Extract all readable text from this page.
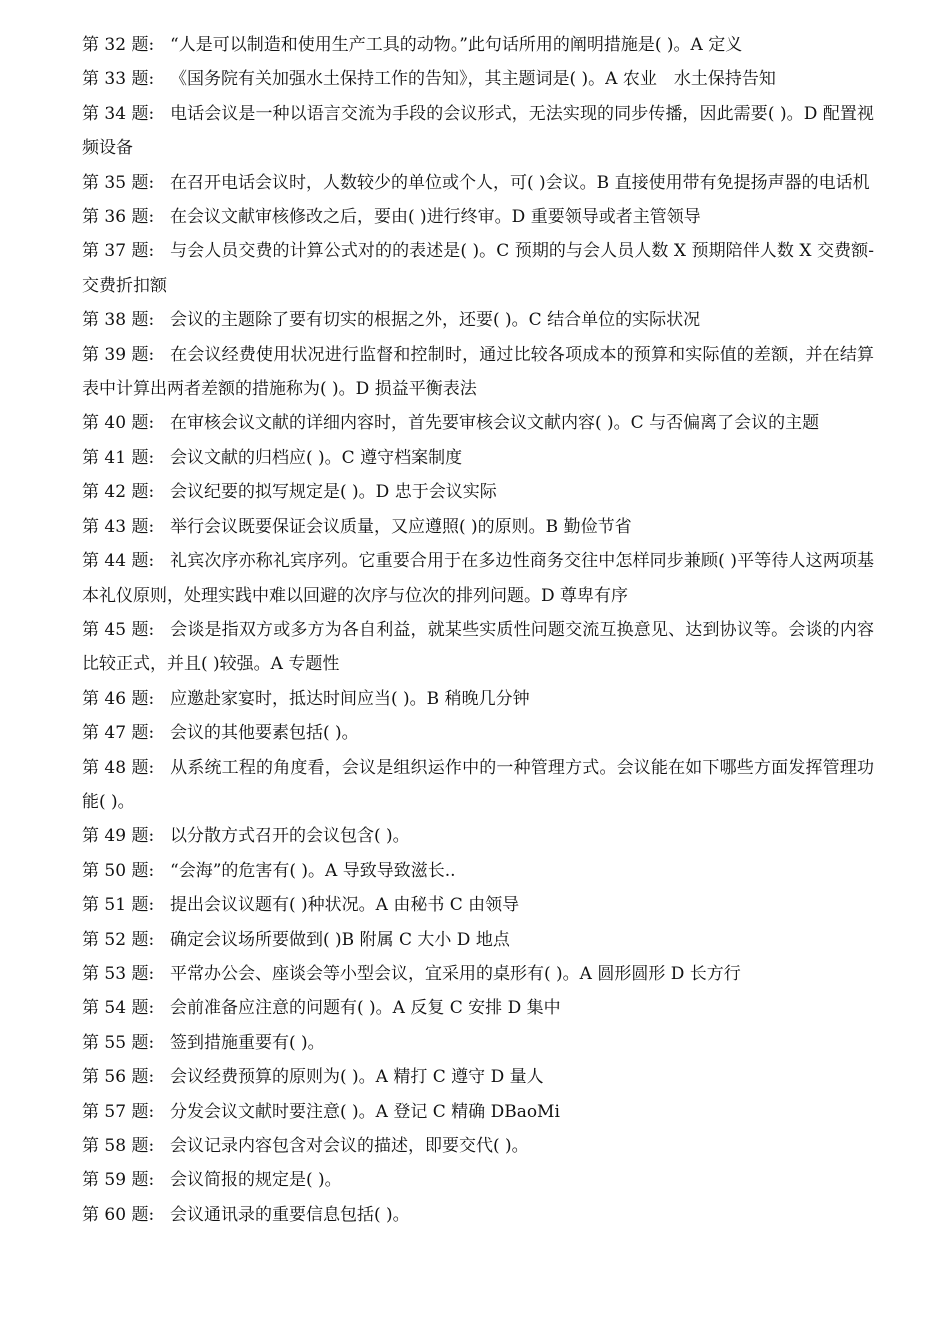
第 32 题: “人是可以制造和使用生产工具的动物。”此句话所用的阐明措施是( )。A 定义

第 33 题: 《国务院有关加强水土保持工作的告知》，其主题词是( )。A 农业　水土保持告知

第 34 题: 电话会议是一种以语言交流为手段的会议形式，无法实现的同步传播，因此需要( )。D 配置视频设备

第 35 题: 在召开电话会议时，人数较少的单位或个人，可( )会议。B 直接使用带有免提扬声器的电话机

第 36 题: 在会议文献审核修改之后，要由( )进行终审。D 重要领导或者主管领导

第 37 题: 与会人员交费的计算公式对的的表述是( )。C 预期的与会人员人数 X 预期陪伴人数 X 交费额-交费折扣额

第 38 题: 会议的主题除了要有切实的根据之外，还要( )。C 结合单位的实际状况

第 39 题: 在会议经费使用状况进行监督和控制时，通过比较各项成本的预算和实际值的差额，并在结算表中计算出两者差额的措施称为( )。D 损益平衡表法

第 40 题: 在审核会议文献的详细内容时，首先要审核会议文献内容( )。C 与否偏离了会议的主题

第 41 题: 会议文献的归档应( )。C 遵守档案制度

第 42 题: 会议纪要的拟写规定是( )。D 忠于会议实际

第 43 题: 举行会议既要保证会议质量，又应遵照( )的原则。B 勤俭节省

第 44 题: 礼宾次序亦称礼宾序列。它重要合用于在多边性商务交往中怎样同步兼顾( )平等待人这两项基本礼仪原则，处理实践中难以回避的次序与位次的排列问题。D 尊卑有序

第 45 题: 会谈是指双方或多方为各自利益，就某些实质性问题交流互换意见、达到协议等。会谈的内容比较正式，并且( )较强。A 专题性

第 46 题: 应邀赴家宴时，抵达时间应当( )。B 稍晚几分钟

第 47 题: 会议的其他要素包括( )。

第 48 题: 从系统工程的角度看，会议是组织运作中的一种管理方式。会议能在如下哪些方面发挥管理功能( )。

第 49 题: 以分散方式召开的会议包含( )。

第 50 题: “会海”的危害有( )。A 导致导致滋长..

第 51 题: 提出会议议题有( )种状况。A 由秘书 C 由领导

第 52 题: 确定会议场所要做到( )B 附属 C 大小 D 地点

第 53 题: 平常办公会、座谈会等小型会议，宜采用的桌形有( )。A 圆形圆形 D 长方行

第 54 题: 会前准备应注意的问题有( )。A 反复 C 安排 D 集中

第 55 题: 签到措施重要有( )。

第 56 题: 会议经费预算的原则为( )。A 精打 C 遵守 D 量人

第 57 题: 分发会议文献时要注意( )。A 登记 C 精确 DBaoMi

第 58 题: 会议记录内容包含对会议的描述，即要交代( )。

第 59 题: 会议简报的规定是( )。

第 60 题: 会议通讯录的重要信息包括( )。
